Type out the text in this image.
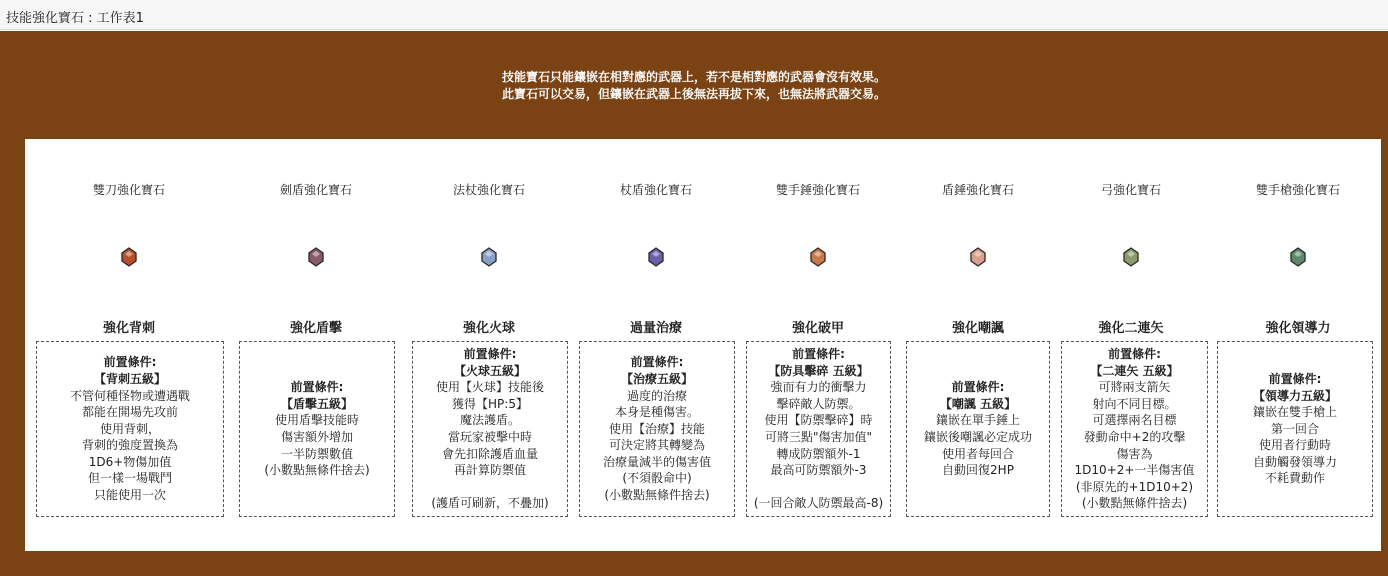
技能強化寶石 : 工作表1
技能寶石只能鑲嵌在相對應的武器上，若不是相對應的武器會沒有效果。
此寶石可以交易，但鑲嵌在武器上後無法再拔下來，也無法將武器交易。
雙刀強化寶石
強化背刺
前置條件:
【背刺五級】
不管何種怪物或遭遇戰
都能在開場先攻前
使用背刺，
背刺的強度置換為
1D6+物傷加值
但一樣一場戰鬥
只能使用一次
劍盾強化寶石
強化盾擊
前置條件:
【盾擊五級】
使用盾擊技能時
傷害額外增加
一半防禦數值
(小數點無條件捨去)
法杖強化寶石
強化火球
前置條件:
【火球五級】
使用【火球】技能後
獲得【HP:5】
魔法護盾。
當玩家被擊中時
會先扣除護盾血量
再計算防禦值
(護盾可刷新，不疊加)
杖盾強化寶石
過量治療
前置條件:
【治療五級】
過度的治療
本身是種傷害。
使用【治療】技能
可決定將其轉變為
治療量減半的傷害值
(不須骰命中)
(小數點無條件捨去)
雙手錘強化寶石
強化破甲
前置條件:
【防具擊碎 五級】
強而有力的衝擊力
擊碎敵人防禦。
使用【防禦擊碎】時
可將三點"傷害加值"
轉成防禦額外-1
最高可防禦額外-3
(一回合敵人防禦最高-8)
盾錘強化寶石
強化嘲諷
前置條件:
【嘲諷 五級】
鑲嵌在單手錘上
鑲嵌後嘲諷必定成功
使用者每回合
自動回復2HP
弓強化寶石
強化二連矢
前置條件:
【二連矢 五級】
可將兩支箭矢
射向不同目標。
可選擇兩名目標
發動命中+2的攻擊
傷害為
1D10+2+一半傷害值
(非原先的+1D10+2)
(小數點無條件捨去)
雙手槍強化寶石
強化領導力
前置條件:
【領導力五級】
鑲嵌在雙手槍上
第一回合
使用者行動時
自動觸發領導力
不耗費動作
